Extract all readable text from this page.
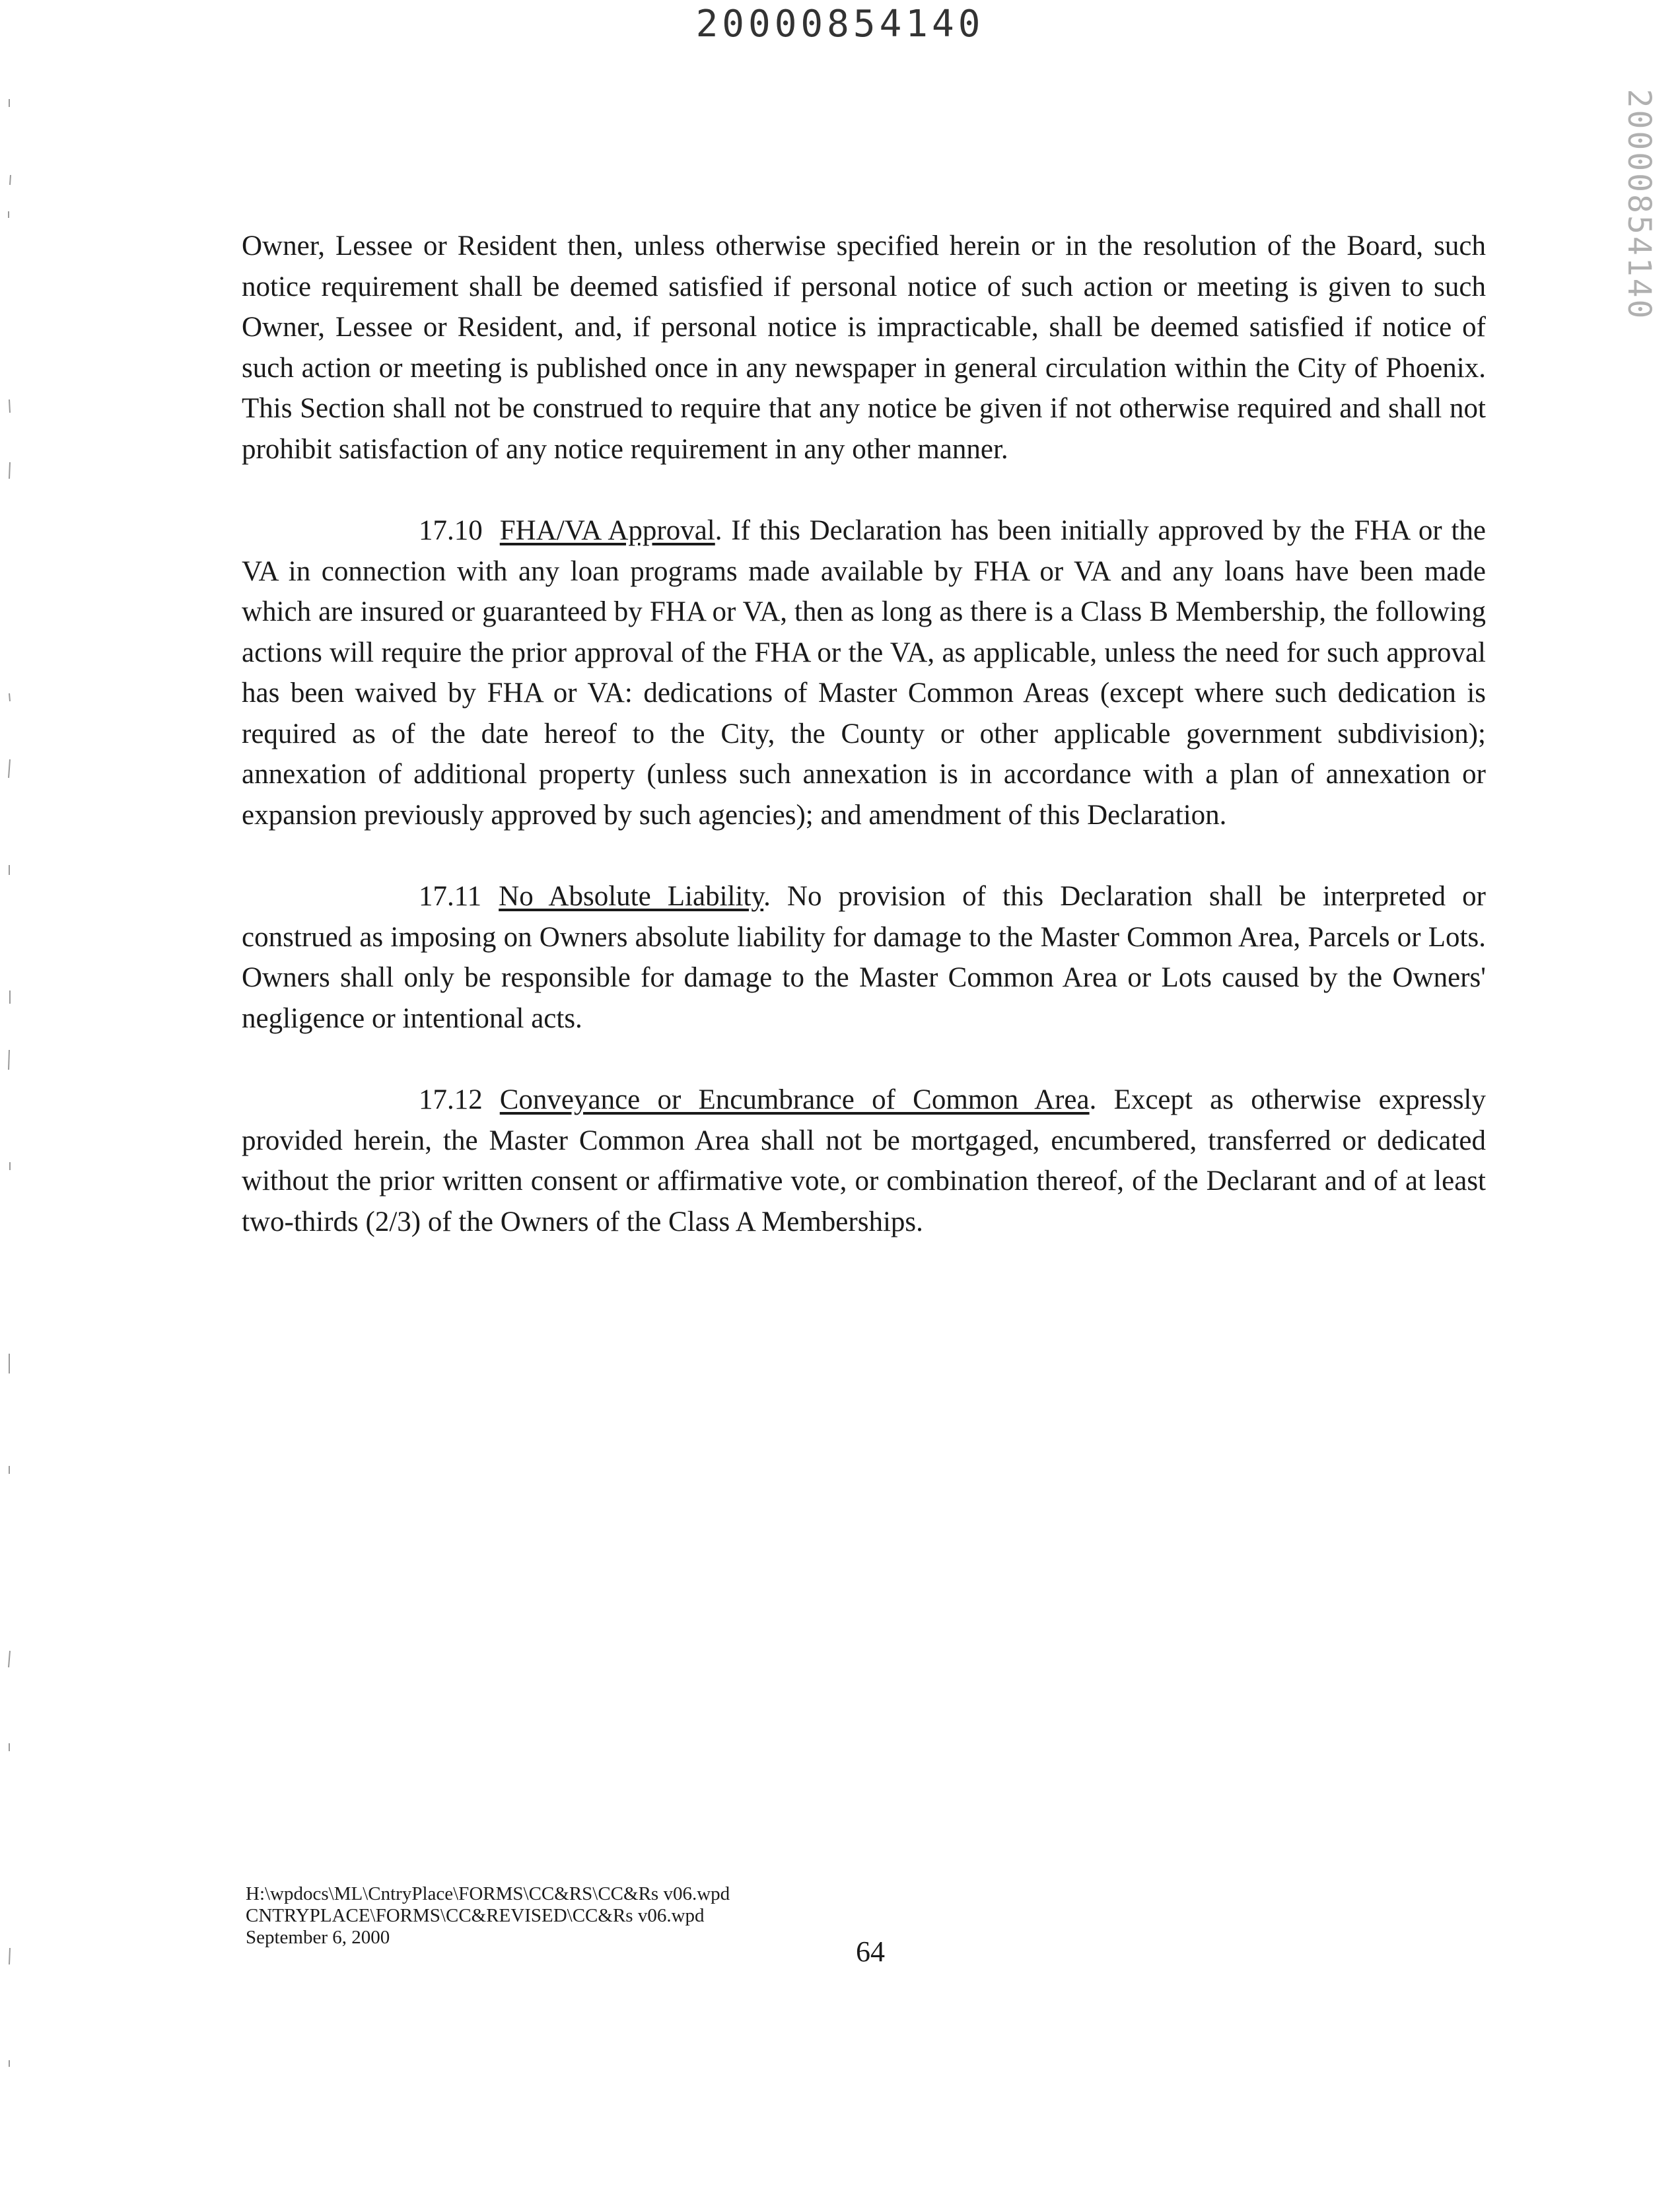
20000854140
20000854140

Owner, Lessee or Resident then, unless otherwise specified herein or in the resolution of the Board, such notice requirement shall be deemed satisfied if personal notice of such action or meeting is given to such Owner, Lessee or Resident, and, if personal notice is impracticable, shall be deemed satisfied if notice of such action or meeting is published once in any newspaper in general circulation within the City of Phoenix. This Section shall not be construed to require that any notice be given if not otherwise required and shall not prohibit satisfaction of any notice requirement in any other manner.

17.10 FHA/VA Approval. If this Declaration has been initially approved by the FHA or the VA in connection with any loan programs made available by FHA or VA and any loans have been made which are insured or guaranteed by FHA or VA, then as long as there is a Class B Membership, the following actions will require the prior approval of the FHA or the VA, as applicable, unless the need for such approval has been waived by FHA or VA: dedications of Master Common Areas (except where such dedication is required as of the date hereof to the City, the County or other applicable government subdivision); annexation of additional property (unless such annexation is in accordance with a plan of annexation or expansion previously approved by such agencies); and amendment of this Declaration.

17.11 No Absolute Liability. No provision of this Declaration shall be interpreted or construed as imposing on Owners absolute liability for damage to the Master Common Area, Parcels or Lots. Owners shall only be responsible for damage to the Master Common Area or Lots caused by the Owners' negligence or intentional acts.

17.12 Conveyance or Encumbrance of Common Area. Except as otherwise expressly provided herein, the Master Common Area shall not be mortgaged, encumbered, transferred or dedicated without the prior written consent or affirmative vote, or combination thereof, of the Declarant and of at least two-thirds (2/3) of the Owners of the Class A Memberships.

H:\wpdocs\ML\CntryPlace\FORMS\CC&RS\CC&Rs v06.wpd
CNTRYPLACE\FORMS\CC&REVISED\CC&Rs v06.wpd
September 6, 2000	64
